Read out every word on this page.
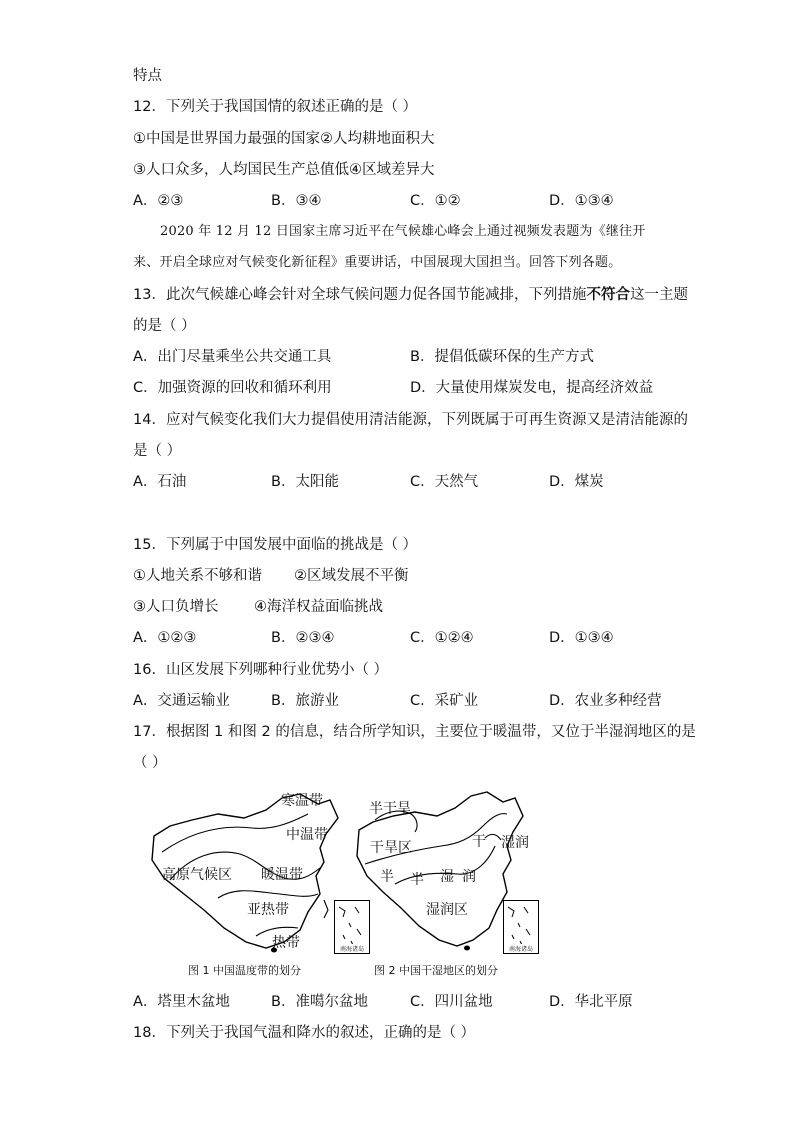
特点
12．下列关于我国国情的叙述正确的是（ ）
①中国是世界国力最强的国家②人均耕地面积大
③人口众多，人均国民生产总值低④区域差异大
A．②③	B．③④	C．①②	D．①③④
2020 年 12 月 12 日国家主席习近平在气候雄心峰会上通过视频发表题为《继往开
来、开启全球应对气候变化新征程》重要讲话，中国展现大国担当。回答下列各题。
13．此次气候雄心峰会针对全球气候问题力促各国节能减排，下列措施不符合这一主题
的是（ ）
A．出门尽量乘坐公共交通工具	B．提倡低碳环保的生产方式
C．加强资源的回收和循环利用	D．大量使用煤炭发电，提高经济效益
14．应对气候变化我们大力提倡使用清洁能源，下列既属于可再生资源又是清洁能源的
是（ ）
A．石油	B．太阳能	C．天然气	D．煤炭
15．下列属于中国发展中面临的挑战是（ ）
①人地关系不够和谐 ②区域发展不平衡
③人口负增长 ④海洋权益面临挑战
A．①②③	B．②③④	C．①②④	D．①③④
16．山区发展下列哪种行业优势小（ ）
A．交通运输业	B．旅游业	C．采矿业	D．农业多种经营
17．根据图 1 和图 2 的信息，结合所学知识，主要位于暖温带，又位于半湿润地区的是
（ ）
南海诸岛
寒温带
中温带
高原气候区 暖温带
亚热带
热带
图 1 中国温度带的划分
南海诸岛
半干旱
干旱区
半 半
湿润
湿 润
湿润区
干
图 2 中国干湿地区的划分
A．塔里木盆地	B．准噶尔盆地	C．四川盆地	D．华北平原
18．下列关于我国气温和降水的叙述，正确的是（ ）
